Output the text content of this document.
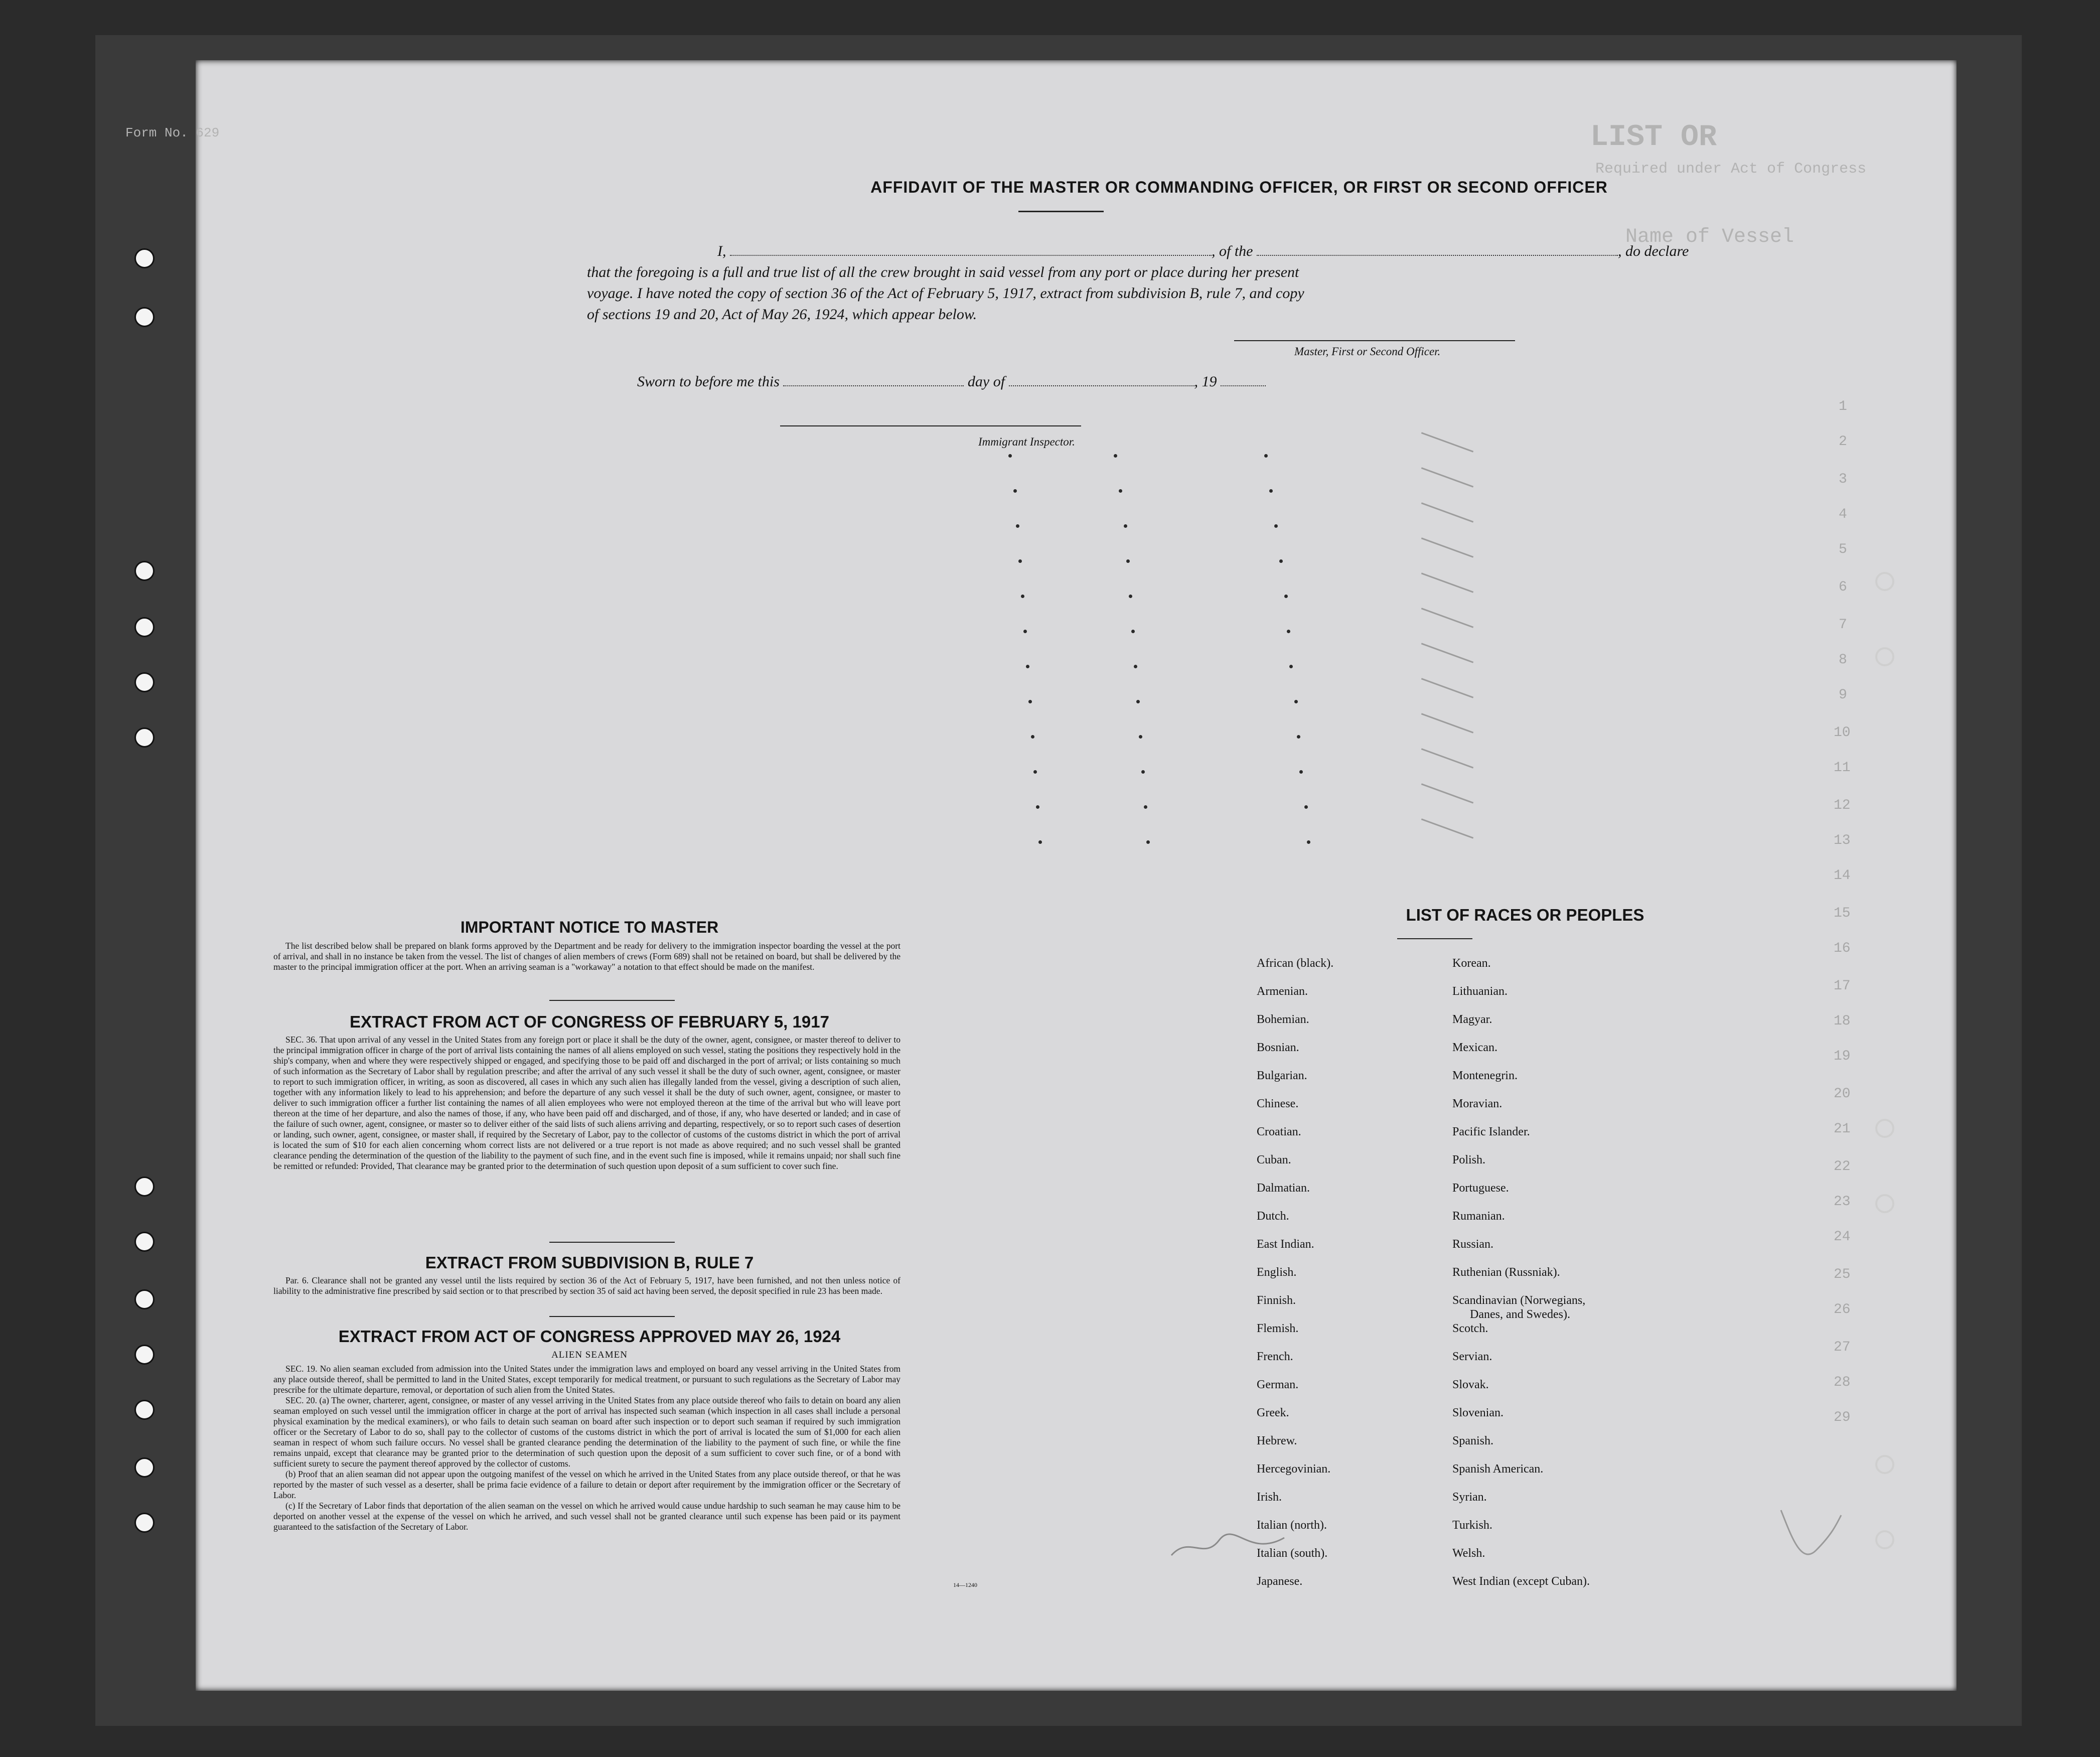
LIST OR
Required under Act of Congress
Name of Vessel
Form No. 629
1
2
3
4
5
6
7
8
9
10
11
12
13
14
15
16
17
18
19
20
21
22
23
24
25
26
27
28
29
AFFIDAVIT OF THE MASTER OR COMMANDING OFFICER, OR FIRST OR SECOND OFFICER
I,	, of the	, do declare
that the foregoing is a full and true list of all the crew brought in said vessel from any port or place during her present
voyage. I have noted the copy of section 36 of the Act of February 5, 1917, extract from subdivision B, rule 7, and copy
of sections 19 and 20, Act of May 26, 1924, which appear below.
Master, First or Second Officer.
Sworn to before me this	day of	, 19
Immigrant Inspector.
IMPORTANT NOTICE TO MASTER

The list described below shall be prepared on blank forms approved by the Department and be ready for delivery to the immigration inspector boarding the vessel at the port of arrival, and shall in no instance be taken from the vessel. The list of changes of alien members of crews (Form 689) shall not be retained on board, but shall be delivered by the master to the principal immigration officer at the port. When an arriving seaman is a "workaway" a notation to that effect should be made on the manifest.

EXTRACT FROM ACT OF CONGRESS OF FEBRUARY 5, 1917

SEC. 36. That upon arrival of any vessel in the United States from any foreign port or place it shall be the duty of the owner, agent, consignee, or master thereof to deliver to the principal immigration officer in charge of the port of arrival lists containing the names of all aliens employed on such vessel, stating the positions they respectively hold in the ship's company, when and where they were respectively shipped or engaged, and specifying those to be paid off and discharged in the port of arrival; or lists containing so much of such information as the Secretary of Labor shall by regulation prescribe; and after the arrival of any such vessel it shall be the duty of such owner, agent, consignee, or master to report to such immigration officer, in writing, as soon as discovered, all cases in which any such alien has illegally landed from the vessel, giving a description of such alien, together with any information likely to lead to his apprehension; and before the departure of any such vessel it shall be the duty of such owner, agent, consignee, or master to deliver to such immigration officer a further list containing the names of all alien employees who were not employed thereon at the time of the arrival but who will leave port thereon at the time of her departure, and also the names of those, if any, who have been paid off and discharged, and of those, if any, who have deserted or landed; and in case of the failure of such owner, agent, consignee, or master so to deliver either of the said lists of such aliens arriving and departing, respectively, or so to report such cases of desertion or landing, such owner, agent, consignee, or master shall, if required by the Secretary of Labor, pay to the collector of customs of the customs district in which the port of arrival is located the sum of $10 for each alien concerning whom correct lists are not delivered or a true report is not made as above required; and no such vessel shall be granted clearance pending the determination of the question of the liability to the payment of such fine, and in the event such fine is imposed, while it remains unpaid; nor shall such fine be remitted or refunded: Provided, That clearance may be granted prior to the determination of such question upon deposit of a sum sufficient to cover such fine.

EXTRACT FROM SUBDIVISION B, RULE 7

Par. 6. Clearance shall not be granted any vessel until the lists required by section 36 of the Act of February 5, 1917, have been furnished, and not then unless notice of liability to the administrative fine prescribed by said section or to that prescribed by section 35 of said act having been served, the deposit specified in rule 23 has been made.

EXTRACT FROM ACT OF CONGRESS APPROVED MAY 26, 1924
ALIEN SEAMEN

SEC. 19. No alien seaman excluded from admission into the United States under the immigration laws and employed on board any vessel arriving in the United States from any place outside thereof, shall be permitted to land in the United States, except temporarily for medical treatment, or pursuant to such regulations as the Secretary of Labor may prescribe for the ultimate departure, removal, or deportation of such alien from the United States.

SEC. 20. (a) The owner, charterer, agent, consignee, or master of any vessel arriving in the United States from any place outside thereof who fails to detain on board any alien seaman employed on such vessel until the immigration officer in charge at the port of arrival has inspected such seaman (which inspection in all cases shall include a personal physical examination by the medical examiners), or who fails to detain such seaman on board after such inspection or to deport such seaman if required by such immigration officer or the Secretary of Labor to do so, shall pay to the collector of customs of the customs district in which the port of arrival is located the sum of $1,000 for each alien seaman in respect of whom such failure occurs. No vessel shall be granted clearance pending the determination of the liability to the payment of such fine, or while the fine remains unpaid, except that clearance may be granted prior to the determination of such question upon the deposit of a sum sufficient to cover such fine, or of a bond with sufficient surety to secure the payment thereof approved by the collector of customs.

(b) Proof that an alien seaman did not appear upon the outgoing manifest of the vessel on which he arrived in the United States from any place outside thereof, or that he was reported by the master of such vessel as a deserter, shall be prima facie evidence of a failure to detain or deport after requirement by the immigration officer or the Secretary of Labor.

(c) If the Secretary of Labor finds that deportation of the alien seaman on the vessel on which he arrived would cause undue hardship to such seaman he may cause him to be deported on another vessel at the expense of the vessel on which he arrived, and such vessel shall not be granted clearance until such expense has been paid or its payment guaranteed to the satisfaction of the Secretary of Labor.

14—1240
LIST OF RACES OR PEOPLES
African (black).
Armenian.
Bohemian.
Bosnian.
Bulgarian.
Chinese.
Croatian.
Cuban.
Dalmatian.
Dutch.
East Indian.
English.
Finnish.
Flemish.
French.
German.
Greek.
Hebrew.
Hercegovinian.
Irish.
Italian (north).
Italian (south).
Japanese.
Korean.
Lithuanian.
Magyar.
Mexican.
Montenegrin.
Moravian.
Pacific Islander.
Polish.
Portuguese.
Rumanian.
Russian.
Ruthenian (Russniak).
Scandinavian (Norwegians,
Danes, and Swedes).
Scotch.
Servian.
Slovak.
Slovenian.
Spanish.
Spanish American.
Syrian.
Turkish.
Welsh.
West Indian (except Cuban).
